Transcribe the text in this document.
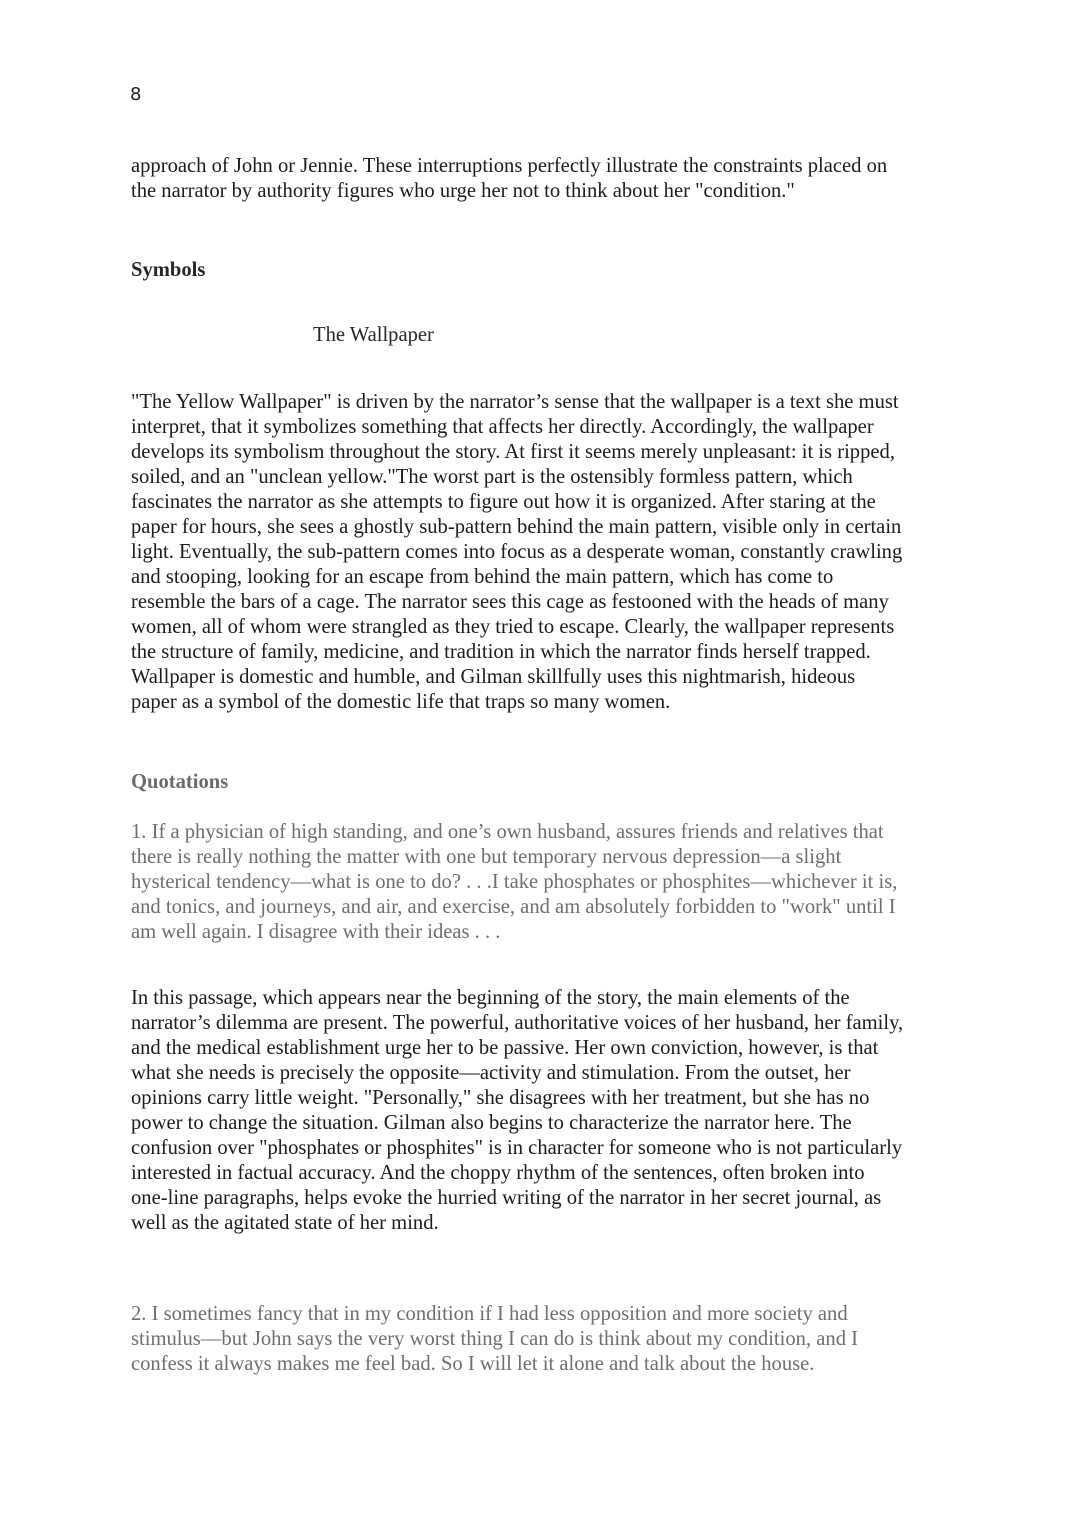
8

approach of John or Jennie. These interruptions perfectly illustrate the constraints placed on
the narrator by authority figures who urge her not to think about her "condition."

Symbols
The Wallpaper

"The Yellow Wallpaper" is driven by the narrator’s sense that the wallpaper is a text she must
interpret, that it symbolizes something that affects her directly. Accordingly, the wallpaper
develops its symbolism throughout the story. At first it seems merely unpleasant: it is ripped,
soiled, and an "unclean yellow."The worst part is the ostensibly formless pattern, which
fascinates the narrator as she attempts to figure out how it is organized. After staring at the
paper for hours, she sees a ghostly sub-pattern behind the main pattern, visible only in certain
light. Eventually, the sub-pattern comes into focus as a desperate woman, constantly crawling
and stooping, looking for an escape from behind the main pattern, which has come to
resemble the bars of a cage. The narrator sees this cage as festooned with the heads of many
women, all of whom were strangled as they tried to escape. Clearly, the wallpaper represents
the structure of family, medicine, and tradition in which the narrator finds herself trapped.
Wallpaper is domestic and humble, and Gilman skillfully uses this nightmarish, hideous
paper as a symbol of the domestic life that traps so many women.

Quotations

1. If a physician of high standing, and one’s own husband, assures friends and relatives that
there is really nothing the matter with one but temporary nervous depression—a slight
hysterical tendency—what is one to do? . . .I take phosphates or phosphites—whichever it is,
and tonics, and journeys, and air, and exercise, and am absolutely forbidden to "work" until I
am well again. I disagree with their ideas . . .

In this passage, which appears near the beginning of the story, the main elements of the
narrator’s dilemma are present. The powerful, authoritative voices of her husband, her family,
and the medical establishment urge her to be passive. Her own conviction, however, is that
what she needs is precisely the opposite—activity and stimulation. From the outset, her
opinions carry little weight. "Personally," she disagrees with her treatment, but she has no
power to change the situation. Gilman also begins to characterize the narrator here. The
confusion over "phosphates or phosphites" is in character for someone who is not particularly
interested in factual accuracy. And the choppy rhythm of the sentences, often broken into
one-line paragraphs, helps evoke the hurried writing of the narrator in her secret journal, as
well as the agitated state of her mind.

2. I sometimes fancy that in my condition if I had less opposition and more society and
stimulus—but John says the very worst thing I can do is think about my condition, and I
confess it always makes me feel bad. So I will let it alone and talk about the house.
